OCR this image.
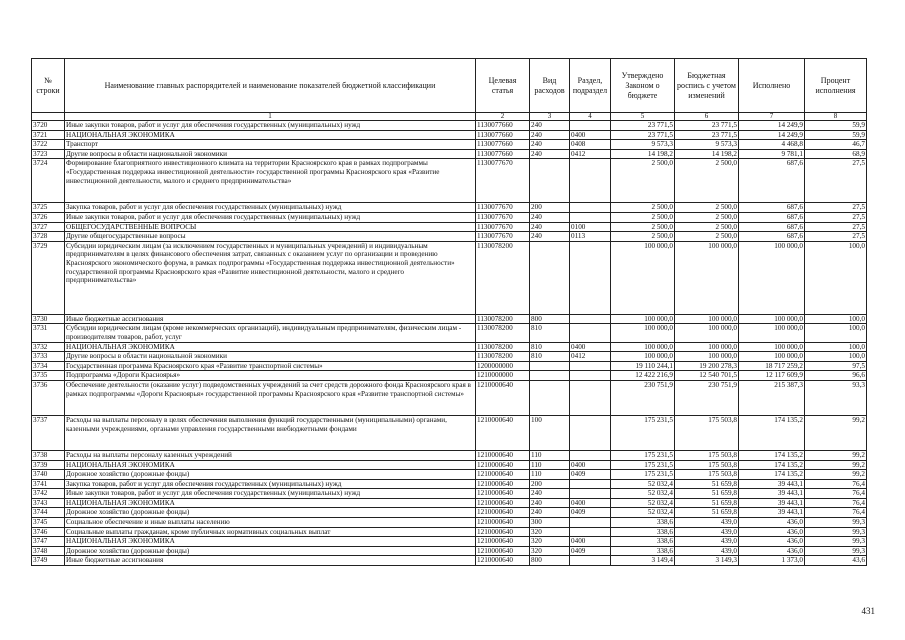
№ строки	Наименование главных распорядителей и наименование показателей бюджетной классификации	Целевая статья	Вид расходов	Раздел, подраздел	Утверждено Законом о бюджете	Бюджетная роспись с учетом изменений	Исполнено	Процент исполнения
	1	2	3	4	5	6	7	8
3720	Иные закупки товаров, работ и услуг для обеспечения государственных (муниципальных) нужд	1130077660	240		23 771,5	23 771,5	14 249,9	59,9
3721	НАЦИОНАЛЬНАЯ ЭКОНОМИКА	1130077660	240	0400	23 771,5	23 771,5	14 249,9	59,9
3722	Транспорт	1130077660	240	0408	9 573,3	9 573,3	4 468,8	46,7
3723	Другие вопросы в области национальной экономики	1130077660	240	0412	14 198,2	14 198,2	9 781,1	68,9
3724	Формирование благоприятного инвестиционного климата на территории Красноярского края в рамках подпрограммы «Государственная поддержка инвестиционной деятельности» государственной программы Красноярского края «Развитие инвестиционной деятельности, малого и среднего предпринимательства»	1130077670			2 500,0	2 500,0	687,6	27,5
3725	Закупка товаров, работ и услуг для обеспечения государственных (муниципальных) нужд	1130077670	200		2 500,0	2 500,0	687,6	27,5
3726	Иные закупки товаров, работ и услуг для обеспечения государственных (муниципальных) нужд	1130077670	240		2 500,0	2 500,0	687,6	27,5
3727	ОБЩЕГОСУДАРСТВЕННЫЕ ВОПРОСЫ	1130077670	240	0100	2 500,0	2 500,0	687,6	27,5
3728	Другие общегосударственные вопросы	1130077670	240	0113	2 500,0	2 500,0	687,6	27,5
3729	Субсидии юридическим лицам (за исключением государственных и муниципальных учреждений) и индивидуальным предпринимателям в целях финансового обеспечения затрат, связанных с оказанием услуг по организации и проведению Красноярского экономического форума, в рамках подпрограммы «Государственная поддержка инвестиционной деятельности» государственной программы Красноярского края «Развитие инвестиционной деятельности, малого и среднего предпринимательства»	1130078200			100 000,0	100 000,0	100 000,0	100,0
3730	Иные бюджетные ассигнования	1130078200	800		100 000,0	100 000,0	100 000,0	100,0
3731	Субсидии юридическим лицам (кроме некоммерческих организаций), индивидуальным предпринимателям, физическим лицам - производителям товаров, работ, услуг	1130078200	810		100 000,0	100 000,0	100 000,0	100,0
3732	НАЦИОНАЛЬНАЯ ЭКОНОМИКА	1130078200	810	0400	100 000,0	100 000,0	100 000,0	100,0
3733	Другие вопросы в области национальной экономики	1130078200	810	0412	100 000,0	100 000,0	100 000,0	100,0
3734	Государственная программа Красноярского края «Развитие транспортной системы»	1200000000			19 110 244,1	19 200 278,3	18 717 259,2	97,5
3735	Подпрограмма «Дороги Красноярья»	1210000000			12 422 216,9	12 540 701,5	12 117 609,9	96,6
3736	Обеспечение деятельности (оказание услуг) подведомственных учреждений за счет средств дорожного фонда Красноярского края в рамках подпрограммы «Дороги Красноярья» государственной программы Красноярского края «Развитие транспортной системы»	1210000640			230 751,9	230 751,9	215 387,3	93,3
3737	Расходы на выплаты персоналу в целях обеспечения выполнения функций государственными (муниципальными) органами, казенными учреждениями, органами управления государственными внебюджетными фондами	1210000640	100		175 231,5	175 503,8	174 135,2	99,2
3738	Расходы на выплаты персоналу казенных учреждений	1210000640	110		175 231,5	175 503,8	174 135,2	99,2
3739	НАЦИОНАЛЬНАЯ ЭКОНОМИКА	1210000640	110	0400	175 231,5	175 503,8	174 135,2	99,2
3740	Дорожное хозяйство (дорожные фонды)	1210000640	110	0409	175 231,5	175 503,8	174 135,2	99,2
3741	Закупка товаров, работ и услуг для обеспечения государственных (муниципальных) нужд	1210000640	200		52 032,4	51 659,8	39 443,1	76,4
3742	Иные закупки товаров, работ и услуг для обеспечения государственных (муниципальных) нужд	1210000640	240		52 032,4	51 659,8	39 443,1	76,4
3743	НАЦИОНАЛЬНАЯ ЭКОНОМИКА	1210000640	240	0400	52 032,4	51 659,8	39 443,1	76,4
3744	Дорожное хозяйство (дорожные фонды)	1210000640	240	0409	52 032,4	51 659,8	39 443,1	76,4
3745	Социальное обеспечение и иные выплаты населению	1210000640	300		338,6	439,0	436,0	99,3
3746	Социальные выплаты гражданам, кроме публичных нормативных социальных выплат	1210000640	320		338,6	439,0	436,0	99,3
3747	НАЦИОНАЛЬНАЯ ЭКОНОМИКА	1210000640	320	0400	338,6	439,0	436,0	99,3
3748	Дорожное хозяйство (дорожные фонды)	1210000640	320	0409	338,6	439,0	436,0	99,3
3749	Иные бюджетные ассигнования	1210000640	800		3 149,4	3 149,3	1 373,0	43,6
431
